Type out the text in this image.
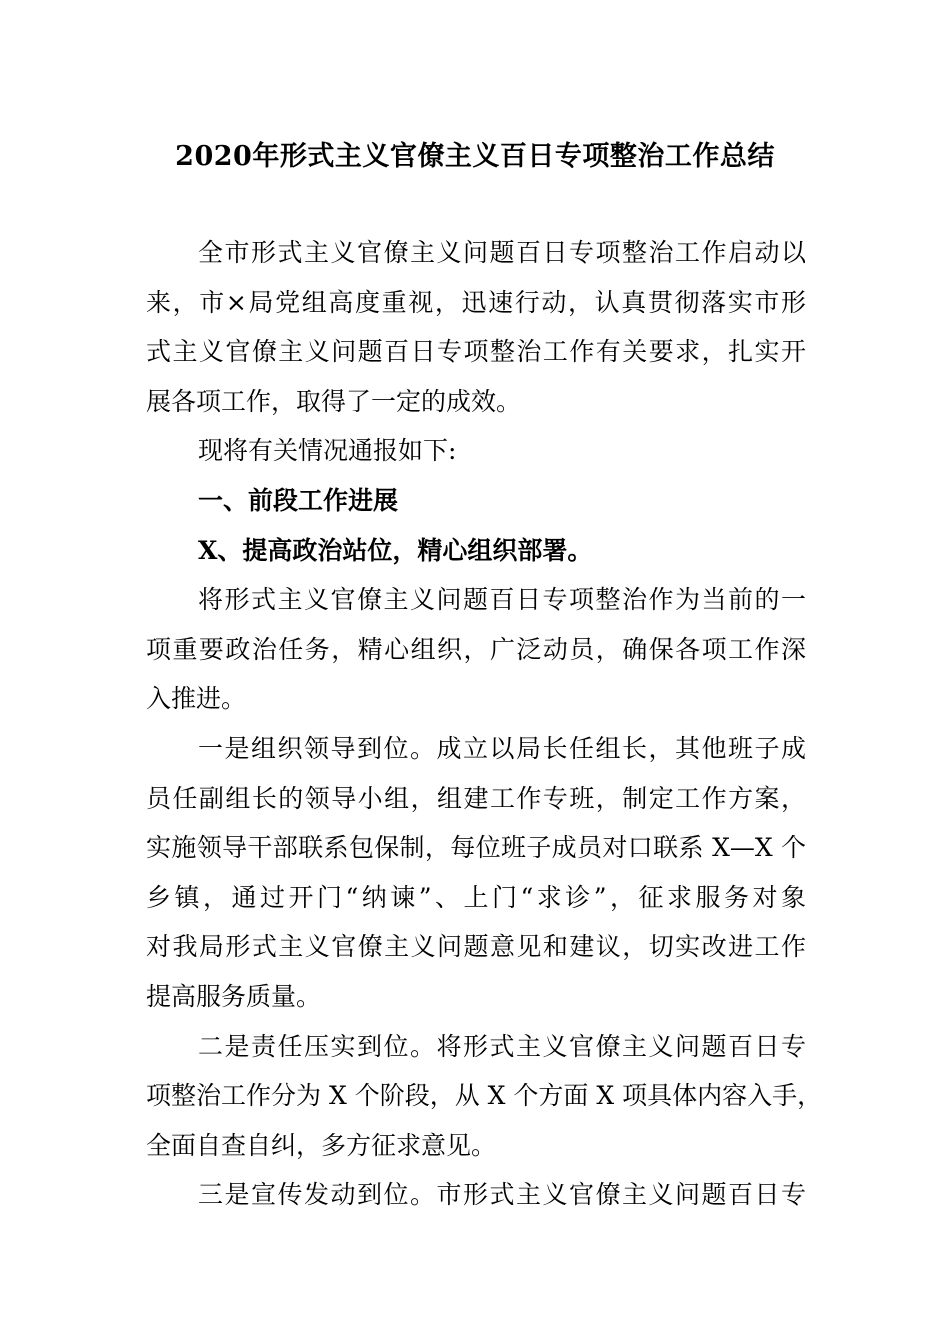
2020年形式主义官僚主义百日专项整治工作总结
全市形式主义官僚主义问题百日专项整治工作启动以
来，市×局党组高度重视，迅速行动，认真贯彻落实市形
式主义官僚主义问题百日专项整治工作有关要求，扎实开
展各项工作，取得了一定的成效。
现将有关情况通报如下:
一、前段工作进展
X、提高政治站位，精心组织部署。
将形式主义官僚主义问题百日专项整治作为当前的一
项重要政治任务，精心组织，广泛动员，确保各项工作深
入推进。
一是组织领导到位。成立以局长任组长，其他班子成
员任副组长的领导小组，组建工作专班，制定工作方案，
实施领导干部联系包保制，每位班子成员对口联系 X—X 个
乡镇，通过开门“纳谏”、上门“求诊”，征求服务对象
对我局形式主义官僚主义问题意见和建议，切实改进工作
提高服务质量。
二是责任压实到位。将形式主义官僚主义问题百日专
项整治工作分为 X 个阶段，从 X 个方面 X 项具体内容入手，
全面自查自纠，多方征求意见。
三是宣传发动到位。市形式主义官僚主义问题百日专
